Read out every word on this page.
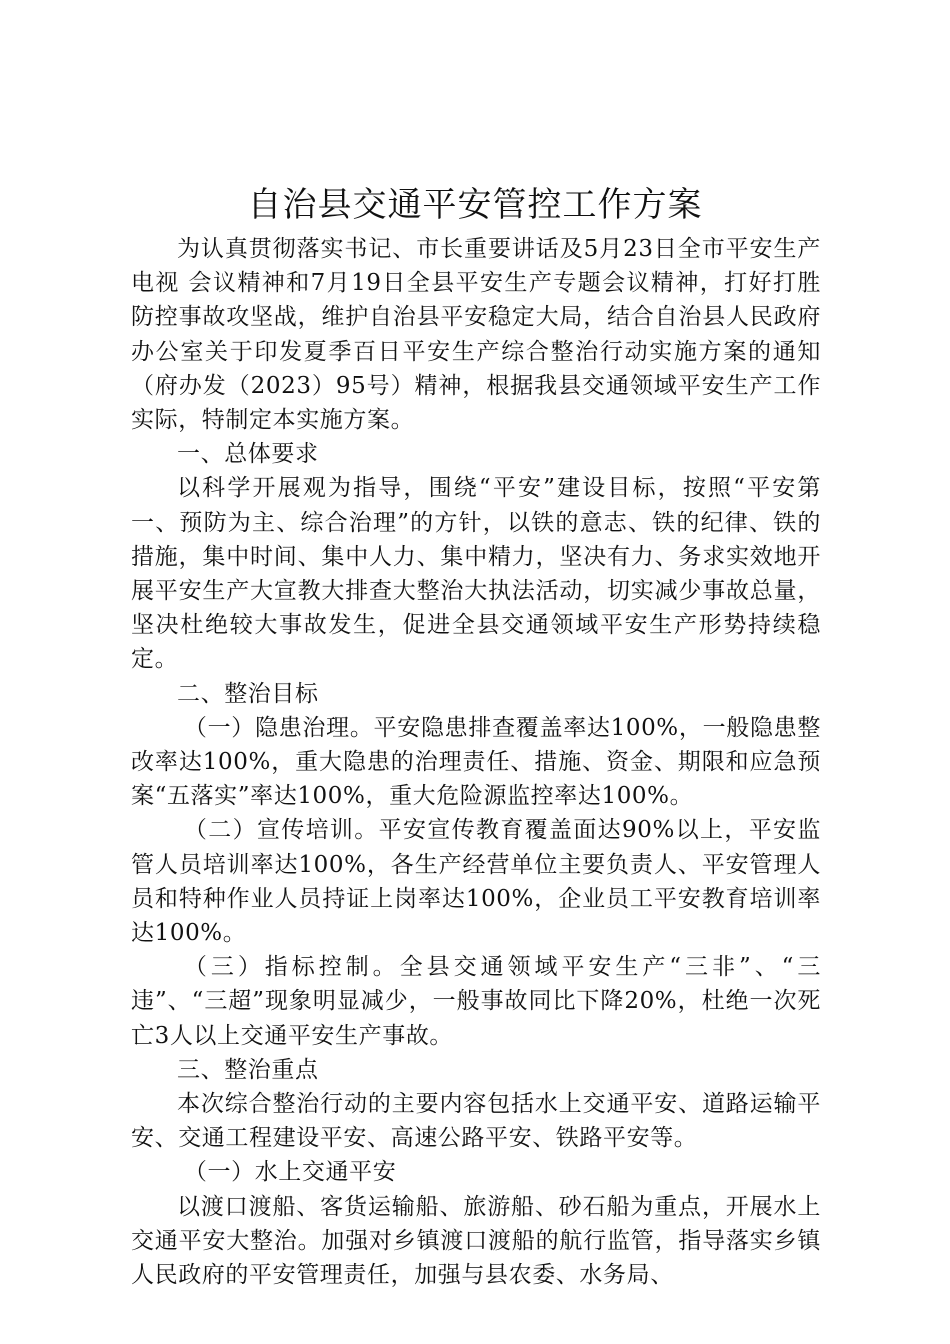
自治县交通平安管控工作方案

为认真贯彻落实书记、市长重要讲话及5月23日全市平安生产电视 会议精神和7月19日全县平安生产专题会议精神，打好打胜防控事故攻坚战，维护自治县平安稳定大局，结合自治县人民政府办公室关于印发夏季百日平安生产综合整治行动实施方案的通知（府办发（2023）95号）精神，根据我县交通领域平安生产工作实际，特制定本实施方案。

一、总体要求

以科学开展观为指导，围绕“平安”建设目标，按照“平安第一、预防为主、综合治理”的方针，以铁的意志、铁的纪律、铁的措施，集中时间、集中人力、集中精力，坚决有力、务求实效地开展平安生产大宣教大排查大整治大执法活动，切实减少事故总量，坚决杜绝较大事故发生，促进全县交通领域平安生产形势持续稳定。

二、整治目标

（一）隐患治理。平安隐患排查覆盖率达100%，一般隐患整改率达100%，重大隐患的治理责任、措施、资金、期限和应急预案“五落实”率达100%，重大危险源监控率达100%。

（二）宣传培训。平安宣传教育覆盖面达90%以上，平安监管人员培训率达100%，各生产经营单位主要负责人、平安管理人员和特种作业人员持证上岗率达100%，企业员工平安教育培训率达100%。

（三）指标控制。全县交通领域平安生产“三非”、“三违”、“三超”现象明显减少，一般事故同比下降20%，杜绝一次死亡3人以上交通平安生产事故。

三、整治重点

本次综合整治行动的主要内容包括水上交通平安、道路运输平安、交通工程建设平安、高速公路平安、铁路平安等。

（一）水上交通平安

以渡口渡船、客货运输船、旅游船、砂石船为重点，开展水上交通平安大整治。加强对乡镇渡口渡船的航行监管，指导落实乡镇人民政府的平安管理责任，加强与县农委、水务局、
